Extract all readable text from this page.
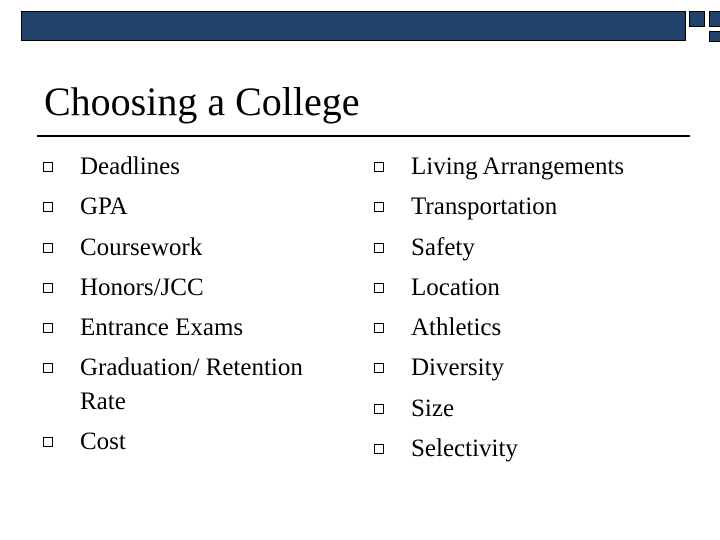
Choosing a College
Deadlines
GPA
Coursework
Honors/JCC
Entrance Exams
Graduation/ Retention Rate
Cost
Living Arrangements
Transportation
Safety
Location
Athletics
Diversity
Size
Selectivity
